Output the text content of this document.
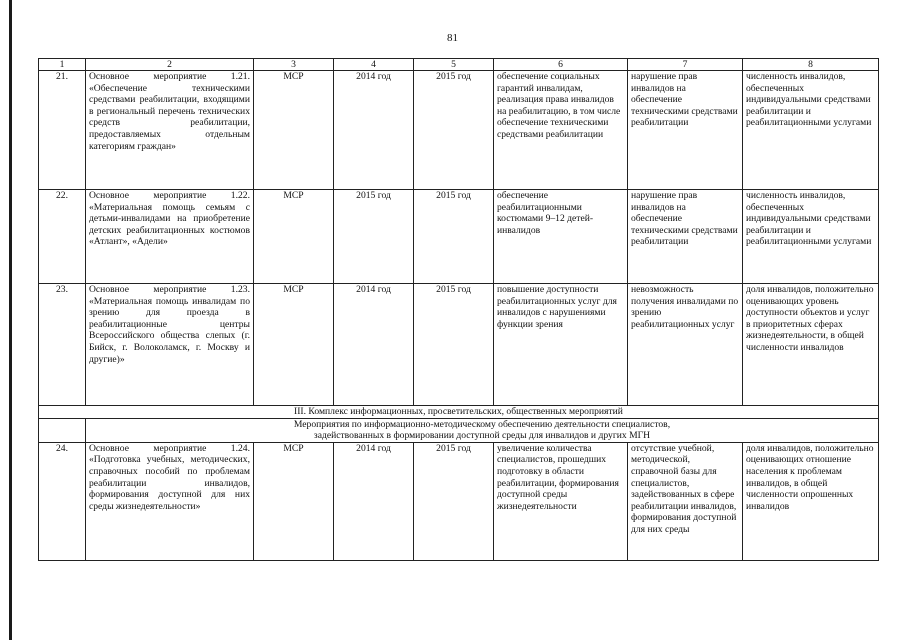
81
1	2	3	4	5	6	7	8
21.	Основное мероприятие 1.21. «Обеспечение техническими средствами реабилитации, входящими в региональный перечень технических средств реабилитации, предоставляемых отдельным категориям граждан»	МСР	2014 год	2015 год	обеспечение социальных гарантий инвалидам, реализация права инвалидов на реабилитацию, в том числе обеспечение техническими средствами реабилитации	нарушение прав инвалидов на обеспечение техническими средствами реабилитации	численность инвалидов, обеспеченных индивидуальными средствами реабилитации и реабилитационными услугами
22.	Основное мероприятие 1.22. «Материальная помощь семьям с детьми-инвалидами на приобретение детских реабилитационных костюмов «Атлант», «Адели»	МСР	2015 год	2015 год	обеспечение реабилитационными костюмами 9–12 детей-инвалидов	нарушение прав инвалидов на обеспечение техническими средствами реабилитации	численность инвалидов, обеспеченных индивидуальными средствами реабилитации и реабилитационными услугами
23.	Основное мероприятие 1.23. «Материальная помощь инвалидам по зрению для проезда в реабилитационные центры Всероссийского общества слепых (г. Бийск, г. Волоколамск, г. Москву и другие)»	МСР	2014 год	2015 год	повышение доступности реабилитационных услуг для инвалидов с нарушениями функции зрения	невозможность получения инвалидами по зрению реабилитационных услуг	доля инвалидов, положительно оценивающих уровень доступности объектов и услуг в приоритетных сферах жизнедеятельности, в общей численности инвалидов
III. Комплекс информационных, просветительских, общественных мероприятий							
	Мероприятия по информационно-методическому обеспечению деятельности специалистов,
задействованных в формировании доступной среды для инвалидов и других МГН						
24.	Основное мероприятие 1.24. «Подготовка учебных, методических, справочных пособий по проблемам реабилитации инвалидов, формирования доступной для них среды жизнедеятельности»	МСР	2014 год	2015 год	увеличение количества специалистов, прошедших подготовку в области реабилитации, формирования доступной среды жизнедеятельности	отсутствие учебной, методической, справочной базы для специалистов, задействованных в сфере реабилитации инвалидов, формирования доступной для них среды	доля инвалидов, положительно оценивающих отношение населения к проблемам инвалидов, в общей численности опрошенных инвалидов
